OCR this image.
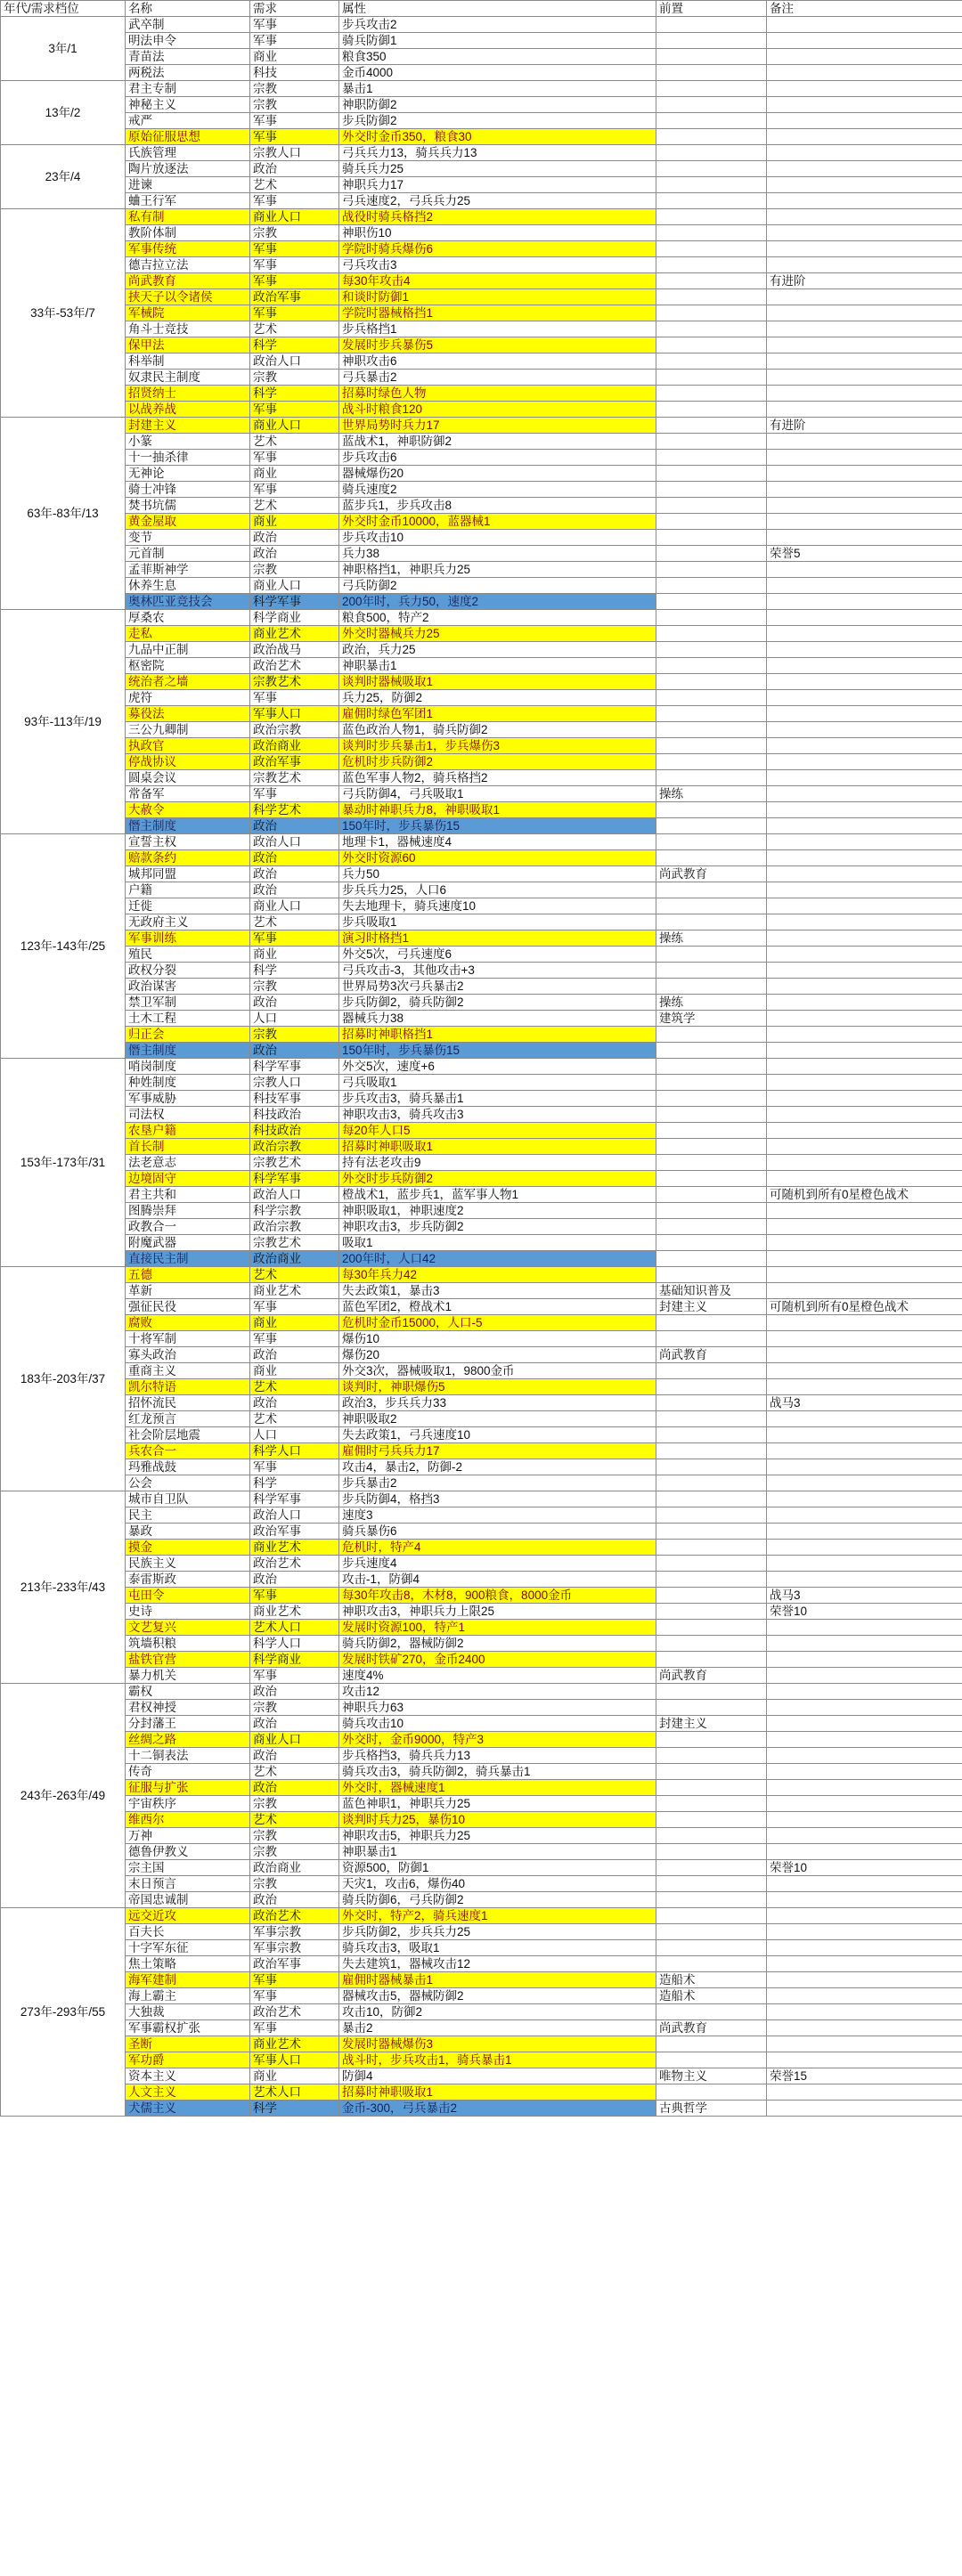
年代/需求档位	名称	需求	属性	前置	备注
3年/1	武卒制	军事	步兵攻击2		
	明法申令	军事	骑兵防御1		
	青苗法	商业	粮食350		
	两税法	科技	金币4000		
13年/2	君主专制	宗教	暴击1		
	神秘主义	宗教	神职防御2		
	戒严	军事	步兵防御2		
	原始征服思想	军事	外交时金币350，粮食30		
23年/4	氏族管理	宗教人口	弓兵兵力13，骑兵兵力13		
	陶片放逐法	政治	骑兵兵力25		
	进谏	艺术	神职兵力17		
	蛐王行军	军事	弓兵速度2，弓兵兵力25		
33年-53年/7	私有制	商业人口	战役时骑兵格挡2		
	教阶体制	宗教	神职伤10		
	军事传统	军事	学院时骑兵爆伤6		
	德吉拉立法	军事	弓兵攻击3		
	尚武教育	军事	每30年攻击4		有进阶
	挟天子以令诸侯	政治军事	和谈时防御1		
	军械院	军事	学院时器械格挡1		
	角斗士竞技	艺术	步兵格挡1		
	保甲法	科学	发展时步兵暴伤5		
	科举制	政治人口	神职攻击6		
	奴隶民主制度	宗教	弓兵暴击2		
	招贤纳士	科学	招募时绿色人物		
	以战养战	军事	战斗时粮食120		
63年-83年/13	封建主义	商业人口	世界局势时兵力17		有进阶
	小篆	艺术	蓝战术1，神职防御2		
	十一抽杀律	军事	步兵攻击6		
	无神论	商业	器械爆伤20		
	骑士冲锋	军事	骑兵速度2		
	焚书坑儒	艺术	蓝步兵1，步兵攻击8		
	黄金屋取	商业	外交时金币10000，蓝器械1		
	变节	政治	步兵攻击10		
	元首制	政治	兵力38		荣誉5
	孟菲斯神学	宗教	神职格挡1，神职兵力25		
	休养生息	商业人口	弓兵防御2		
	奥林匹亚竞技会	科学军事	200年时，兵力50，速度2		
93年-113年/19	厚桑农	科学商业	粮食500，特产2		
	走私	商业艺术	外交时器械兵力25		
	九品中正制	政治战马	政治，兵力25		
	枢密院	政治艺术	神职暴击1		
	统治者之墙	宗教艺术	谈判时器械吸取1		
	虎符	军事	兵力25，防御2		
	募役法	军事人口	雇佣时绿色军团1		
	三公九卿制	政治宗教	蓝色政治人物1，骑兵防御2		
	执政官	政治商业	谈判时步兵暴击1，步兵爆伤3		
	停战协议	政治军事	危机时步兵防御2		
	圆桌会议	宗教艺术	蓝色军事人物2，骑兵格挡2		
	常备军	军事	弓兵防御4，弓兵吸取1	操练	
	大赦令	科学艺术	暴动时神职兵力8，神职吸取1		
	僭主制度	政治	150年时，步兵暴伤15		
123年-143年/25	宣誓主权	政治人口	地理卡1，器械速度4		
	赔款条约	政治	外交时资源60		
	城邦同盟	政治	兵力50	尚武教育	
	户籍	政治	步兵兵力25，人口6		
	迁徙	商业人口	失去地理卡，骑兵速度10		
	无政府主义	艺术	步兵吸取1		
	军事训练	军事	演习时格挡1	操练	
	殖民	商业	外交5次，弓兵速度6		
	政权分裂	科学	弓兵攻击-3，其他攻击+3		
	政治谋害	宗教	世界局势3次弓兵暴击2		
	禁卫军制	政治	步兵防御2，骑兵防御2	操练	
	土木工程	人口	器械兵力38	建筑学	
	归正会	宗教	招募时神职格挡1		
	僭主制度	政治	150年时，步兵暴伤15		
153年-173年/31	哨岗制度	科学军事	外交5次，速度+6		
	种姓制度	宗教人口	弓兵吸取1		
	军事威胁	科技军事	步兵攻击3，骑兵暴击1		
	司法权	科技政治	神职攻击3，骑兵攻击3		
	农垦户籍	科技政治	每20年人口5		
	首长制	政治宗教	招募时神职吸取1		
	法老意志	宗教艺术	持有法老攻击9		
	边境固守	科学军事	外交时步兵防御2		
	君主共和	政治人口	橙战术1，蓝步兵1，蓝军事人物1		可随机到所有0星橙色战术
	图腾崇拜	科学宗教	神职吸取1，神职速度2		
	政教合一	政治宗教	神职攻击3，步兵防御2		
	附魔武器	宗教艺术	吸取1		
	直接民主制	政治商业	200年时，人口42		
183年-203年/37	五德	艺术	每30年兵力42		
	革新	商业艺术	失去政策1，暴击3	基础知识普及	
	强征民役	军事	蓝色军团2，橙战术1	封建主义	可随机到所有0星橙色战术
	腐败	商业	危机时金币15000，人口-5		
	十将军制	军事	爆伤10		
	寡头政治	政治	爆伤20	尚武教育	
	重商主义	商业	外交3次，器械吸取1，9800金币		
	凯尔特语	艺术	谈判时，神职爆伤5		
	招怀流民	政治	政治3，步兵兵力33		战马3
	红龙预言	艺术	神职吸取2		
	社会阶层地震	人口	失去政策1，弓兵速度10		
	兵农合一	科学人口	雇佣时弓兵兵力17		
	玛雅战鼓	军事	攻击4，暴击2，防御-2		
	公会	科学	步兵暴击2		
213年-233年/43	城市自卫队	科学军事	步兵防御4，格挡3		
	民主	政治人口	速度3		
	暴政	政治军事	骑兵暴伤6		
	摸金	商业艺术	危机时，特产4		
	民族主义	政治艺术	步兵速度4		
	泰雷斯政	政治	攻击-1，防御4		
	屯田令	军事	每30年攻击8，木材8，900粮食，8000金币		战马3
	史诗	商业艺术	神职攻击3，神职兵力上限25		荣誉10
	文艺复兴	艺术人口	发展时资源100，特产1		
	筑墙积粮	科学人口	骑兵防御2，器械防御2		
	盐铁官营	科学商业	发展时铁矿270，金币2400		
	暴力机关	军事	速度4%	尚武教育	
243年-263年/49	霸权	政治	攻击12		
	君权神授	宗教	神职兵力63		
	分封藩王	政治	骑兵攻击10	封建主义	
	丝绸之路	商业人口	外交时，金币9000，特产3		
	十二铜表法	政治	步兵格挡3，骑兵兵力13		
	传奇	艺术	骑兵攻击3，骑兵防御2，骑兵暴击1		
	征服与扩张	政治	外交时，器械速度1		
	宇宙秩序	宗教	蓝色神职1，神职兵力25		
	维西尔	艺术	谈判时兵力25，暴伤10		
	万神	宗教	神职攻击5，神职兵力25		
	德鲁伊教义	宗教	神职暴击1		
	宗主国	政治商业	资源500，防御1		荣誉10
	末日预言	宗教	天灾1，攻击6，爆伤40		
	帝国忠诚制	政治	骑兵防御6，弓兵防御2		
273年-293年/55	远交近攻	政治艺术	外交时，特产2，骑兵速度1		
	百夫长	军事宗教	步兵防御2，步兵兵力25		
	十字军东征	军事宗教	骑兵攻击3，吸取1		
	焦土策略	政治军事	失去建筑1，器械攻击12		
	海军建制	军事	雇佣时器械暴击1	造船术	
	海上霸主	军事	器械攻击5，器械防御2	造船术	
	大独裁	政治艺术	攻击10，防御2		
	军事霸权扩张	军事	暴击2	尚武教育	
	圣断	商业艺术	发展时器械爆伤3		
	军功爵	军事人口	战斗时，步兵攻击1，骑兵暴击1		
	资本主义	商业	防御4	唯物主义	荣誉15
	人文主义	艺术人口	招募时神职吸取1		
	犬儒主义	科学	金币-300，弓兵暴击2	古典哲学	
